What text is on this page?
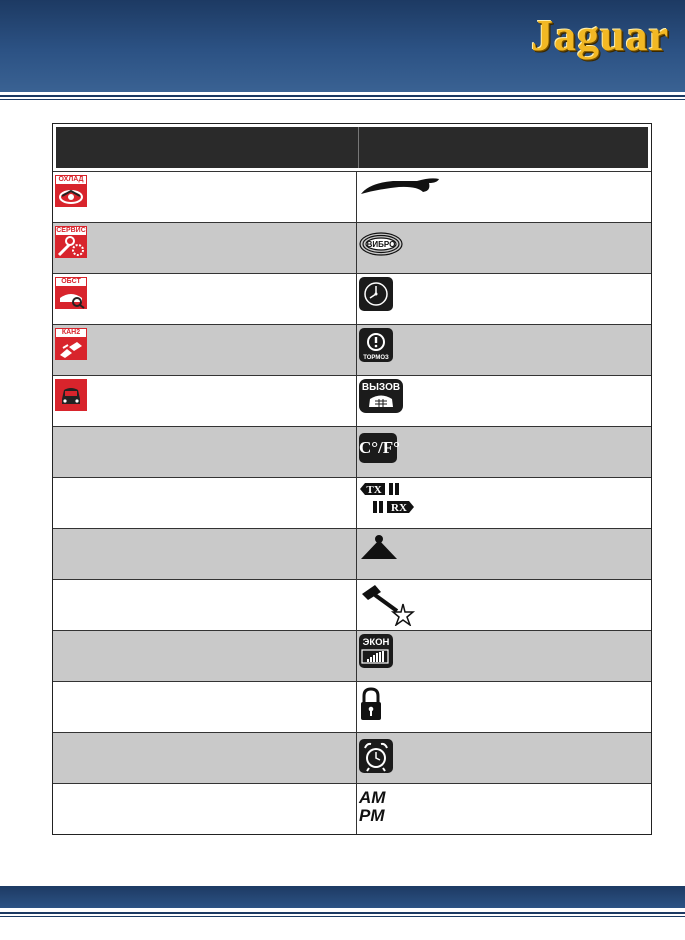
Jaguar
ОХЛАД
СЕРВИС
ВИБРО
ОБСТ
КАН2
ТОРМОЗ
ВЫЗОВ
C°/F°
TX
RX
ЭКОН
AM
PM
